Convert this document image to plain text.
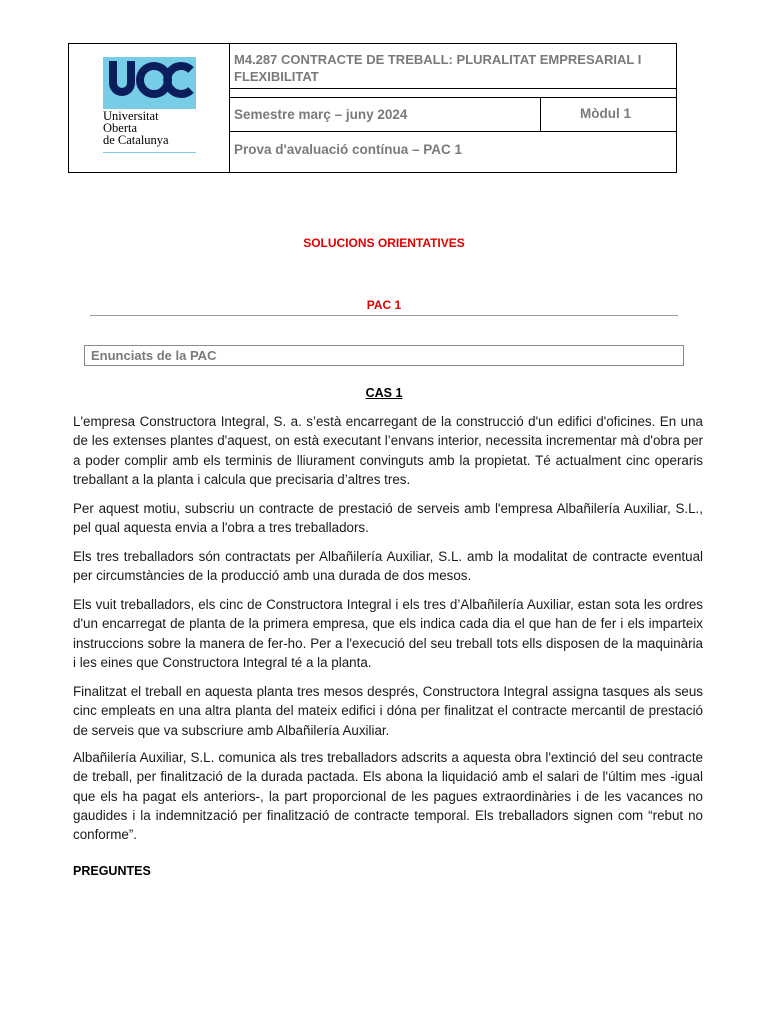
Universitat
Oberta
de Catalunya
M4.287 CONTRACTE DE TREBALL: PLURALITAT EMPRESARIAL I FLEXIBILITAT
Semestre març – juny 2024	Mòdul 1
Prova d'avaluació contínua – PAC 1
SOLUCIONS ORIENTATIVES
PAC 1
Enunciats de la PAC
CAS 1

L'empresa Constructora Integral, S. a. s’està encarregant de la construcció d'un edifici d'oficines. En una de les extenses plantes d'aquest, on està executant l’envans interior, necessita incrementar mà d'obra per a poder complir amb els terminis de lliurament convinguts amb la propietat. Té actualment cinc operaris treballant a la planta i calcula que precisaria d’altres tres.

Per aquest motiu, subscriu un contracte de prestació de serveis amb l'empresa Albañilería Auxiliar, S.L., pel qual aquesta envia a l'obra a tres treballadors.

Els tres treballadors són contractats per Albañilería Auxiliar, S.L. amb la modalitat de contracte eventual per circumstàncies de la producció amb una durada de dos mesos.

Els vuit treballadors, els cinc de Constructora Integral i els tres d’Albañilería Auxiliar, estan sota les ordres d'un encarregat de planta de la primera empresa, que els indica cada dia el que han de fer i els imparteix instruccions sobre la manera de fer-ho. Per a l'execució del seu treball tots ells disposen de la maquinària i les eines que Constructora Integral té a la planta.

Finalitzat el treball en aquesta planta tres mesos després, Constructora Integral assigna tasques als seus cinc empleats en una altra planta del mateix edifici i dóna per finalitzat el contracte mercantil de prestació de serveis que va subscriure amb Albañilería Auxiliar.

Albañilería Auxiliar, S.L. comunica als tres treballadors adscrits a aquesta obra l'extinció del seu contracte de treball, per finalització de la durada pactada. Els abona la liquidació amb el salari de l'últim mes -igual que els ha pagat els anteriors-, la part proporcional de les pagues extraordinàries i de les vacances no gaudides i la indemnització per finalització de contracte temporal. Els treballadors signen com “rebut no conforme”.

PREGUNTES
